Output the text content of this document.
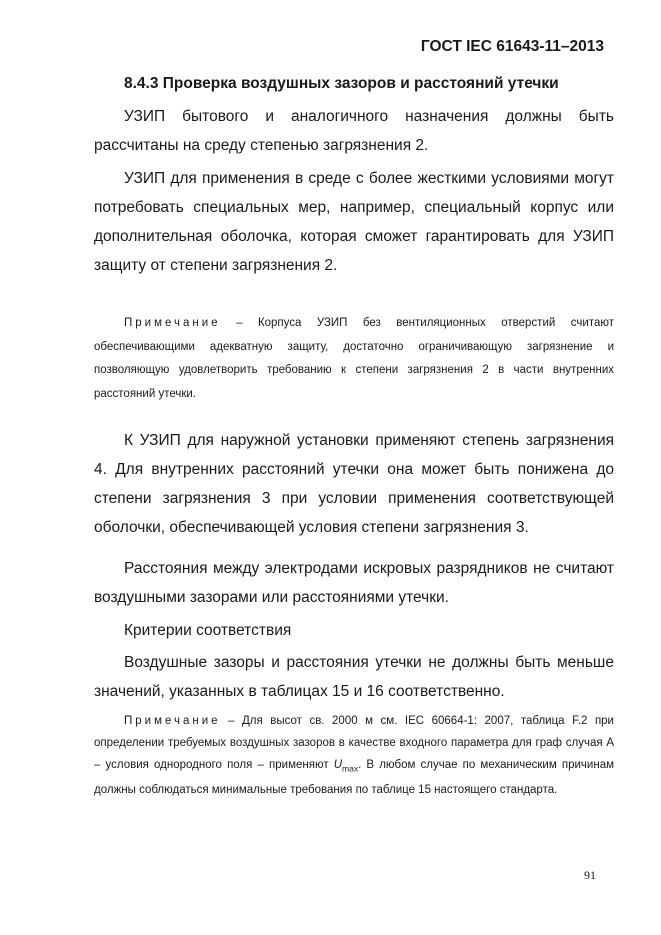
ГОСТ IEC 61643-11–2013
8.4.3 Проверка воздушных зазоров и расстояний утечки
УЗИП бытового и аналогичного назначения должны быть рассчитаны на среду степенью загрязнения 2.
УЗИП для применения в среде с более жесткими условиями могут потребовать специальных мер, например, специальный корпус или дополнительная оболочка, которая сможет гарантировать для УЗИП защиту от степени загрязнения 2.
Примечание – Корпуса УЗИП без вентиляционных отверстий считают обеспечивающими адекватную защиту, достаточно ограничивающую загрязнение и позволяющую удовлетворить требованию к степени загрязнения 2 в части внутренних расстояний утечки.
К УЗИП для наружной установки применяют степень загрязнения 4. Для внутренних расстояний утечки она может быть понижена до степени загрязнения 3 при условии применения соответствующей оболочки, обеспечивающей условия степени загрязнения 3.
Расстояния между электродами искровых разрядников не считают воздушными зазорами или расстояниями утечки.
Критерии соответствия
Воздушные зазоры и расстояния утечки не должны быть меньше значений, указанных в таблицах 15 и 16 соответственно.
Примечание – Для высот св. 2000 м см. IEC 60664-1: 2007, таблица F.2 при определении требуемых воздушных зазоров в качестве входного параметра для граф случая А – условия однородного поля – применяют $U_{max}$. В любом случае по механическим причинам должны соблюдаться минимальные требования по таблице 15 настоящего стандарта.
91
